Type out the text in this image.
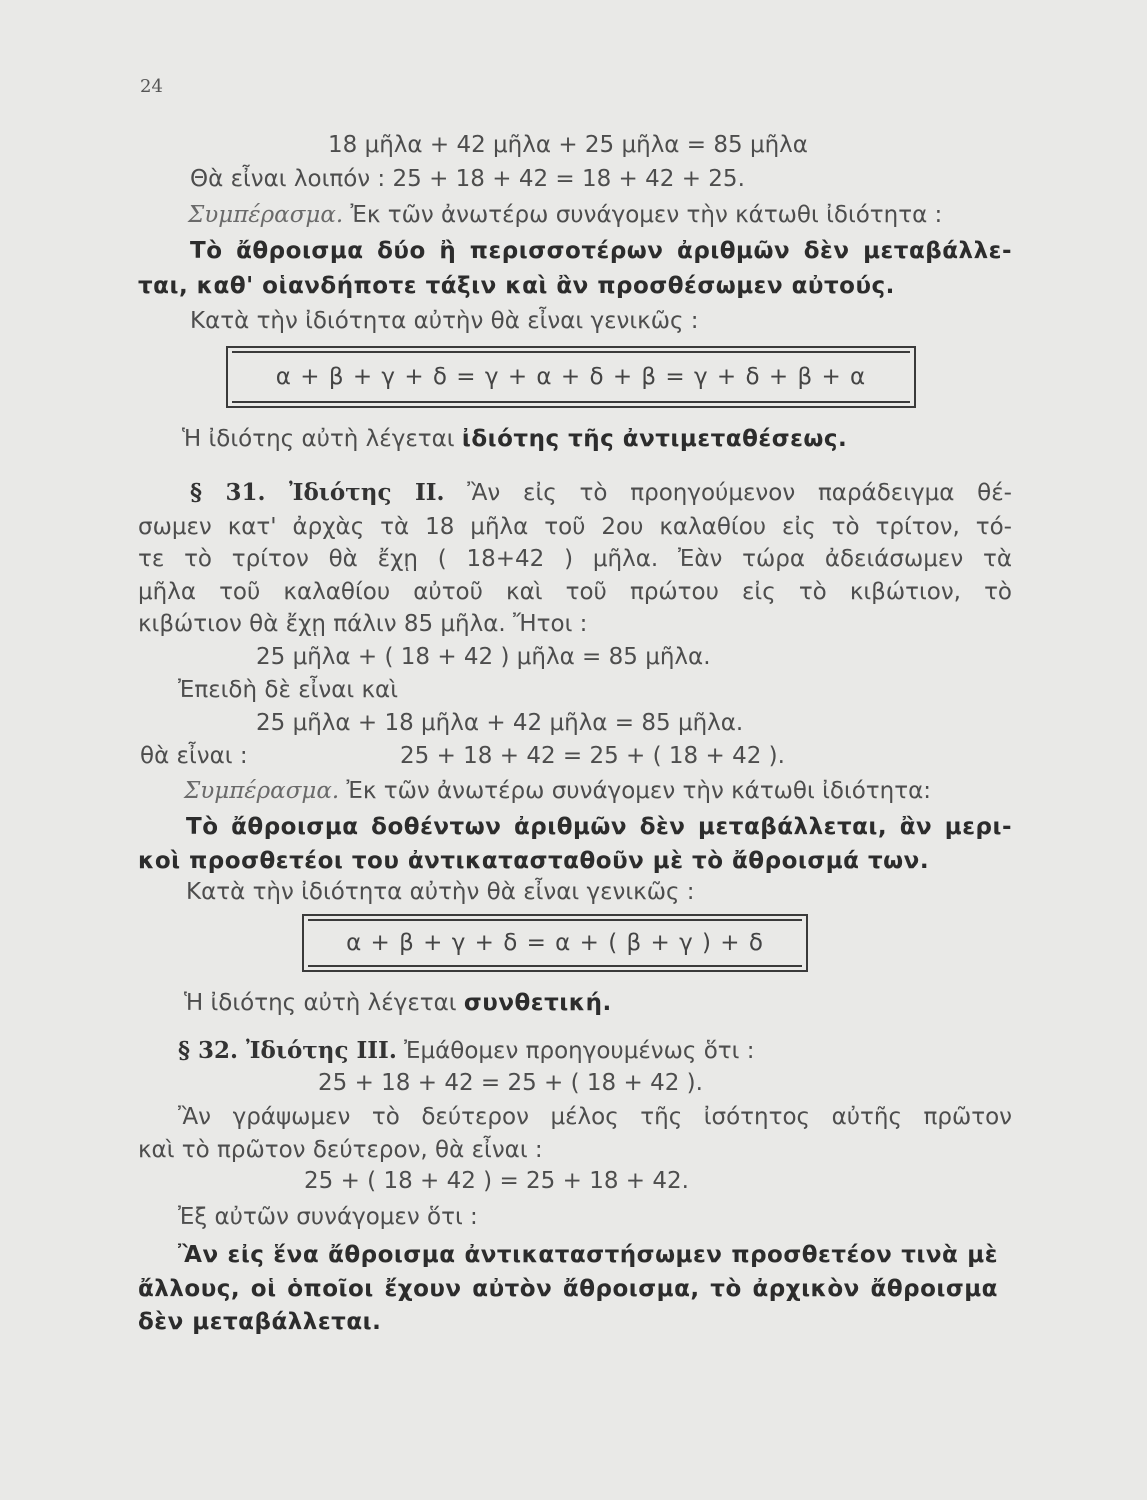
24
18 μῆλα + 42 μῆλα + 25 μῆλα = 85 μῆλα
Θὰ εἶναι λοιπόν : 25 + 18 + 42 = 18 + 42 + 25.
Συμπέρασμα. Ἐκ τῶν ἀνωτέρω συνάγομεν τὴν κάτωθι ἰδιότητα :
Τὸ ἄθροισμα δύο ἢ περισσοτέρων ἀριθμῶν δὲν μεταβάλλε-
ται, καθ' οἱανδήποτε τάξιν καὶ ἂν προσθέσωμεν αὐτούς.
Κατὰ τὴν ἰδιότητα αὐτὴν θὰ εἶναι γενικῶς :
α + β + γ + δ = γ + α + δ + β = γ + δ + β + α
Ἡ ἰδιότης αὐτὴ λέγεται ἰδιότης τῆς ἀντιμεταθέσεως.
§ 31. Ἰδιότης II. Ἂν εἰς τὸ προηγούμενον παράδειγμα θέ-
σωμεν κατ' ἀρχὰς τὰ 18 μῆλα τοῦ 2ου καλαθίου εἰς τὸ τρίτον, τό-
τε τὸ τρίτον θὰ ἔχῃ ( 18+42 ) μῆλα. Ἐὰν τώρα ἀδειάσωμεν τὰ
μῆλα τοῦ καλαθίου αὐτοῦ καὶ τοῦ πρώτου εἰς τὸ κιβώτιον, τὸ
κιβώτιον θὰ ἔχῃ πάλιν 85 μῆλα. Ἤτοι :
25 μῆλα + ( 18 + 42 ) μῆλα = 85 μῆλα.
Ἐπειδὴ δὲ εἶναι καὶ
25 μῆλα + 18 μῆλα + 42 μῆλα = 85 μῆλα.
θὰ εἶναι :	25 + 18 + 42 = 25 + ( 18 + 42 ).
Συμπέρασμα. Ἐκ τῶν ἀνωτέρω συνάγομεν τὴν κάτωθι ἰδιότητα:
Τὸ ἄθροισμα δοθέντων ἀριθμῶν δὲν μεταβάλλεται, ἂν μερι-
κοὶ προσθετέοι του ἀντικατασταθοῦν μὲ τὸ ἄθροισμά των.
Κατὰ τὴν ἰδιότητα αὐτὴν θὰ εἶναι γενικῶς :
α + β + γ + δ = α + ( β + γ ) + δ
Ἡ ἰδιότης αὐτὴ λέγεται συνθετική.
§ 32. Ἰδιότης III. Ἐμάθομεν προηγουμένως ὅτι :
25 + 18 + 42 = 25 + ( 18 + 42 ).
Ἂν γράψωμεν τὸ δεύτερον μέλος τῆς ἰσότητος αὐτῆς πρῶτον
καὶ τὸ πρῶτον δεύτερον, θὰ εἶναι :
25 + ( 18 + 42 ) = 25 + 18 + 42.
Ἐξ αὐτῶν συνάγομεν ὅτι :
Ἂν εἰς ἕνα ἄθροισμα ἀντικαταστήσωμεν προσθετέον τινὰ μὲ
ἄλλους, οἱ ὁποῖοι ἔχουν αὐτὸν ἄθροισμα, τὸ ἀρχικὸν ἄθροισμα
δὲν μεταβάλλεται.
